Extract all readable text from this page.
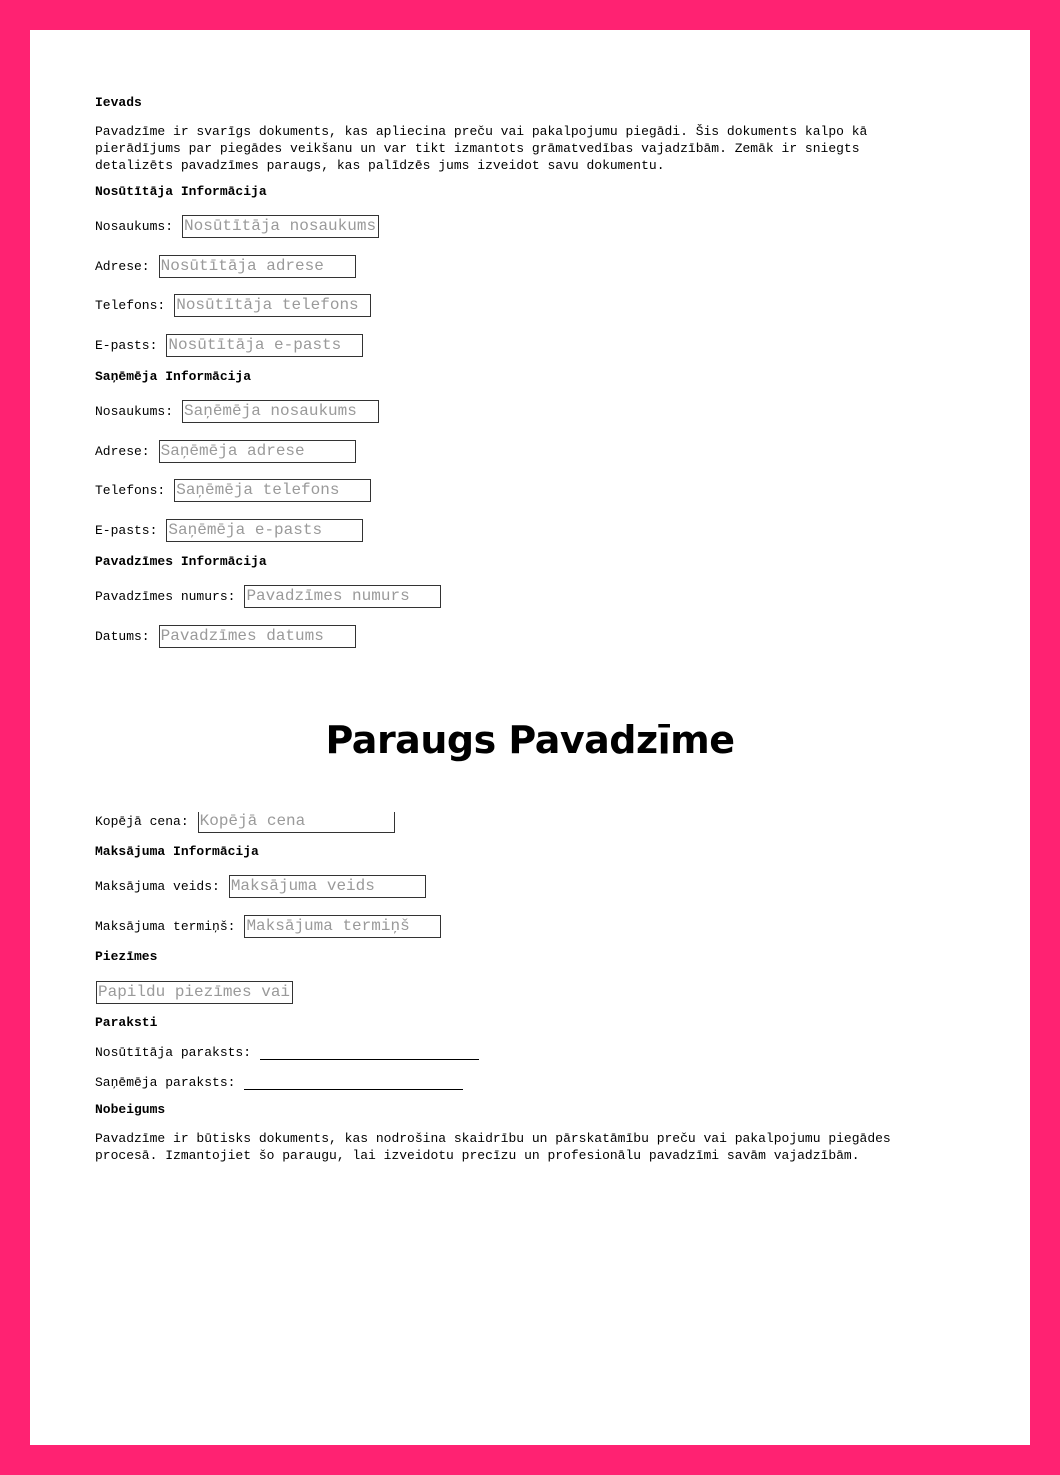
Ievads
Pavadzīme ir svarīgs dokuments, kas apliecina preču vai pakalpojumu piegādi. Šis dokuments kalpo kā
pierādījums par piegādes veikšanu un var tikt izmantots grāmatvedības vajadzībām. Zemāk ir sniegts
detalizēts pavadzīmes paraugs, kas palīdzēs jums izveidot savu dokumentu.
Nosūtītāja Informācija
Nosaukums:
Nosūtītāja nosaukums
Adrese:
Nosūtītāja adrese
Telefons:
Nosūtītāja telefons
E-pasts:
Nosūtītāja e-pasts
Saņēmēja Informācija
Nosaukums:
Saņēmēja nosaukums
Adrese:
Saņēmēja adrese
Telefons:
Saņēmēja telefons
E-pasts:
Saņēmēja e-pasts
Pavadzīmes Informācija
Pavadzīmes numurs:
Pavadzīmes numurs
Datums:
Pavadzīmes datums
Kopējā cena:
Kopējā cena
Maksājuma Informācija
Maksājuma veids:
Maksājuma veids
Maksājuma termiņš:
Maksājuma termiņš
Piezīmes
Papildu piezīmes vai
Paraksti
Nosūtītāja paraksts:
Saņēmēja paraksts:
Nobeigums
Pavadzīme ir būtisks dokuments, kas nodrošina skaidrību un pārskatāmību preču vai pakalpojumu piegādes
procesā. Izmantojiet šo paraugu, lai izveidotu precīzu un profesionālu pavadzīmi savām vajadzībām.
Paraugs Pavadzīme
